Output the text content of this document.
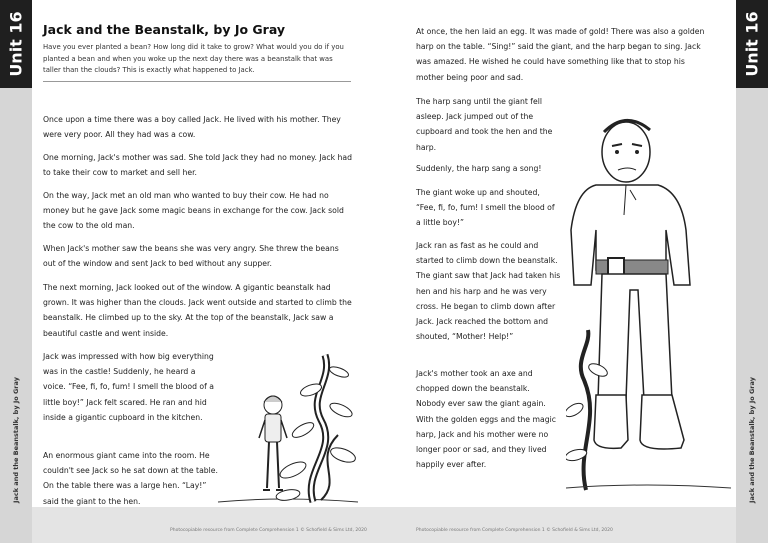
Unit 16
Jack and the Beanstalk, by Jo Gray
Unit 16
Jack and the Beanstalk, by Jo Gray
Photocopiable resource from Complete Comprehension 1 © Schofield & Sims Ltd, 2020	Photocopiable resource from Complete Comprehension 1 © Schofield & Sims Ltd, 2020
Jack and the Beanstalk, by Jo Gray
Have you ever planted a bean? How long did it take to grow? What would you do if you planted a bean and when you woke up the next day there was a beanstalk that was taller than the clouds? This is exactly what happened to Jack.
Once upon a time there was a boy called Jack. He lived with his mother. They were very poor. All they had was a cow.
One morning, Jack's mother was sad. She told Jack they had no money. Jack had to take their cow to market and sell her.
On the way, Jack met an old man who wanted to buy their cow. He had no money but he gave Jack some magic beans in exchange for the cow. Jack sold the cow to the old man.
When Jack's mother saw the beans she was very angry. She threw the beans out of the window and sent Jack to bed without any supper.
The next morning, Jack looked out of the window. A gigantic beanstalk had grown. It was higher than the clouds. Jack went outside and started to climb the beanstalk. He climbed up to the sky. At the top of the beanstalk, Jack saw a beautiful castle and went inside.
Jack was impressed with how big everything was in the castle! Suddenly, he heard a voice. “Fee, fi, fo, fum! I smell the blood of a little boy!” Jack felt scared. He ran and hid inside a gigantic cupboard in the kitchen.
An enormous giant came into the room. He couldn't see Jack so he sat down at the table. On the table there was a large hen. “Lay!” said the giant to the hen.
At once, the hen laid an egg. It was made of gold! There was also a golden harp on the table. “Sing!” said the giant, and the harp began to sing. Jack was amazed. He wished he could have something like that to stop his mother being poor and sad.
The harp sang until the giant fell asleep. Jack jumped out of the cupboard and took the hen and the harp.
Suddenly, the harp sang a song!
The giant woke up and shouted, “Fee, fi, fo, fum! I smell the blood of a little boy!”
Jack ran as fast as he could and started to climb down the beanstalk. The giant saw that Jack had taken his hen and his harp and he was very cross. He began to climb down after Jack. Jack reached the bottom and shouted, “Mother! Help!”
Jack's mother took an axe and chopped down the beanstalk. Nobody ever saw the giant again. With the golden eggs and the magic harp, Jack and his mother were no longer poor or sad, and they lived happily ever after.
